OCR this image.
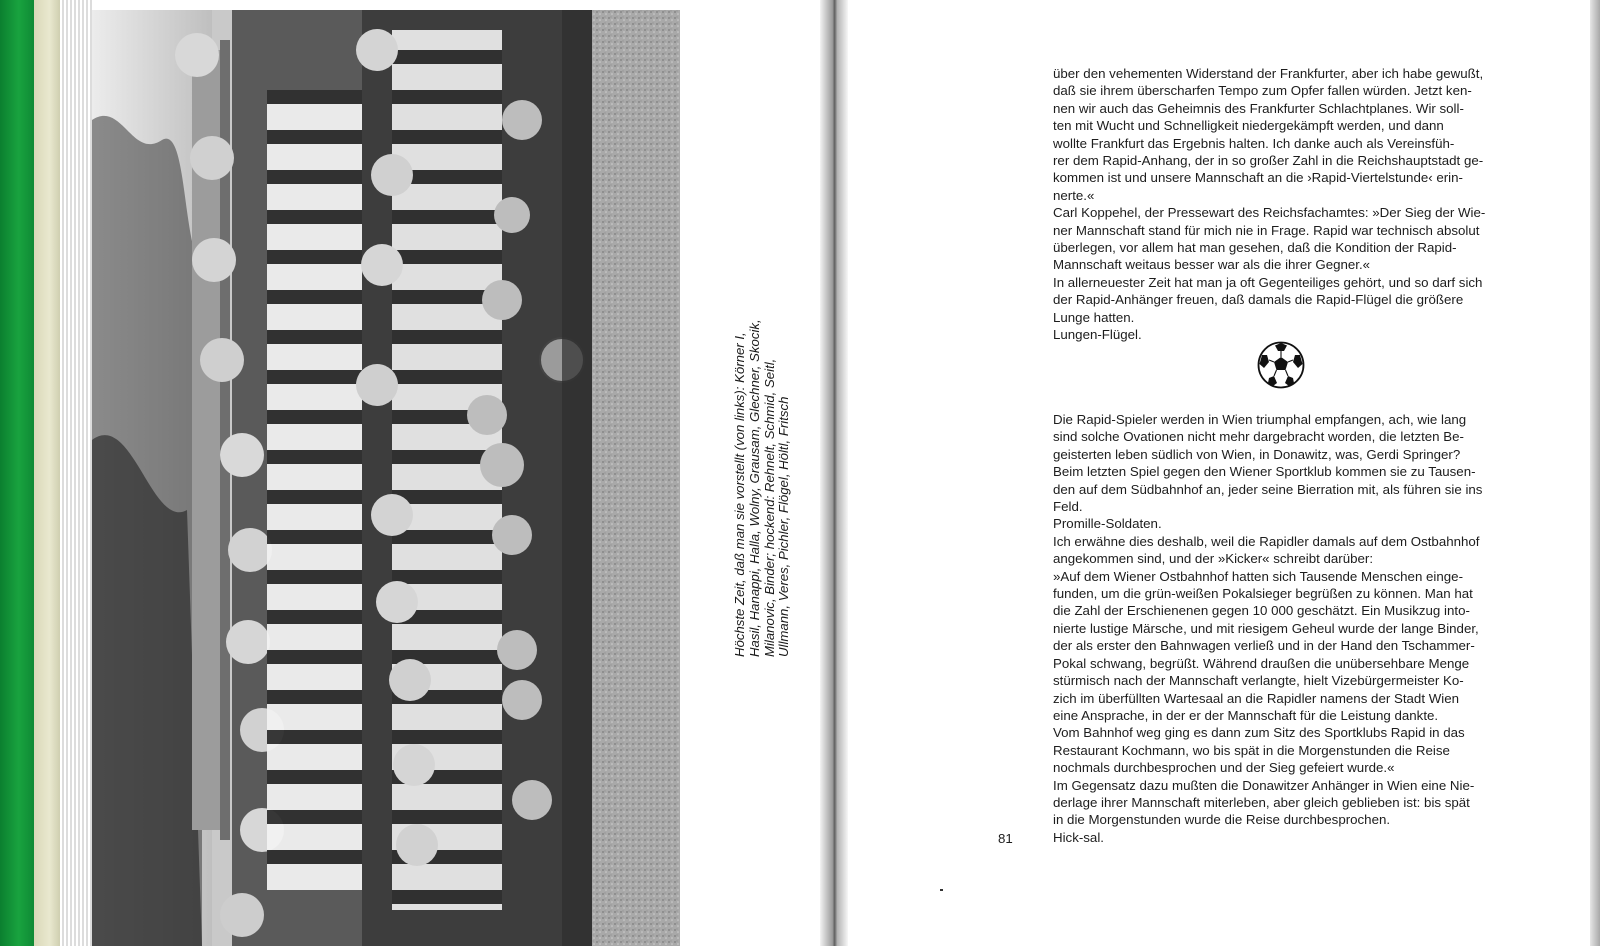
Höchste Zeit, daß man sie vorstellt (von links): Körner I, Hasil, Hanappi, Halla, Wolny, Grausam, Glechner, Skocik, Milanovic, Binder; hockend: Rehnelt, Schmid, Seitl, Ullmann, Veres, Pichler, Flögel, Höltl, Fritsch
über den vehementen Widerstand der Frankfurter, aber ich habe gewußt,
daß sie ihrem überscharfen Tempo zum Opfer fallen würden. Jetzt ken-
nen wir auch das Geheimnis des Frankfurter Schlachtplanes. Wir soll-
ten mit Wucht und Schnelligkeit niedergekämpft werden, und dann
wollte Frankfurt das Ergebnis halten. Ich danke auch als Vereinsfüh-
rer dem Rapid-Anhang, der in so großer Zahl in die Reichshauptstadt ge-
kommen ist und unsere Mannschaft an die ›Rapid-Viertelstunde‹ erin-
nerte.«
Carl Koppehel, der Pressewart des Reichsfachamtes: »Der Sieg der Wie-
ner Mannschaft stand für mich nie in Frage. Rapid war technisch absolut
überlegen, vor allem hat man gesehen, daß die Kondition der Rapid-
Mannschaft weitaus besser war als die ihrer Gegner.«
In allerneuester Zeit hat man ja oft Gegenteiliges gehört, und so darf sich
der Rapid-Anhänger freuen, daß damals die Rapid-Flügel die größere
Lunge hatten.
Lungen-Flügel.
Die Rapid-Spieler werden in Wien triumphal empfangen, ach, wie lang
sind solche Ovationen nicht mehr dargebracht worden, die letzten Be-
geisterten leben südlich von Wien, in Donawitz, was, Gerdi Springer?
Beim letzten Spiel gegen den Wiener Sportklub kommen sie zu Tausen-
den auf dem Südbahnhof an, jeder seine Bierration mit, als führen sie ins
Feld.
Promille-Soldaten.
Ich erwähne dies deshalb, weil die Rapidler damals auf dem Ostbahnhof
angekommen sind, und der »Kicker« schreibt darüber:
»Auf dem Wiener Ostbahnhof hatten sich Tausende Menschen einge-
funden, um die grün-weißen Pokalsieger begrüßen zu können. Man hat
die Zahl der Erschienenen gegen 10 000 geschätzt. Ein Musikzug into-
nierte lustige Märsche, und mit riesigem Geheul wurde der lange Binder,
der als erster den Bahnwagen verließ und in der Hand den Tschammer-
Pokal schwang, begrüßt. Während draußen die unübersehbare Menge
stürmisch nach der Mannschaft verlangte, hielt Vizebürgermeister Ko-
zich im überfüllten Wartesaal an die Rapidler namens der Stadt Wien
eine Ansprache, in der er der Mannschaft für die Leistung dankte.
Vom Bahnhof weg ging es dann zum Sitz des Sportklubs Rapid in das
Restaurant Kochmann, wo bis spät in die Morgenstunden die Reise
nochmals durchbesprochen und der Sieg gefeiert wurde.«
Im Gegensatz dazu mußten die Donawitzer Anhänger in Wien eine Nie-
derlage ihrer Mannschaft miterleben, aber gleich geblieben ist: bis spät
in die Morgenstunden wurde die Reise durchbesprochen.
Hick-sal.
81
